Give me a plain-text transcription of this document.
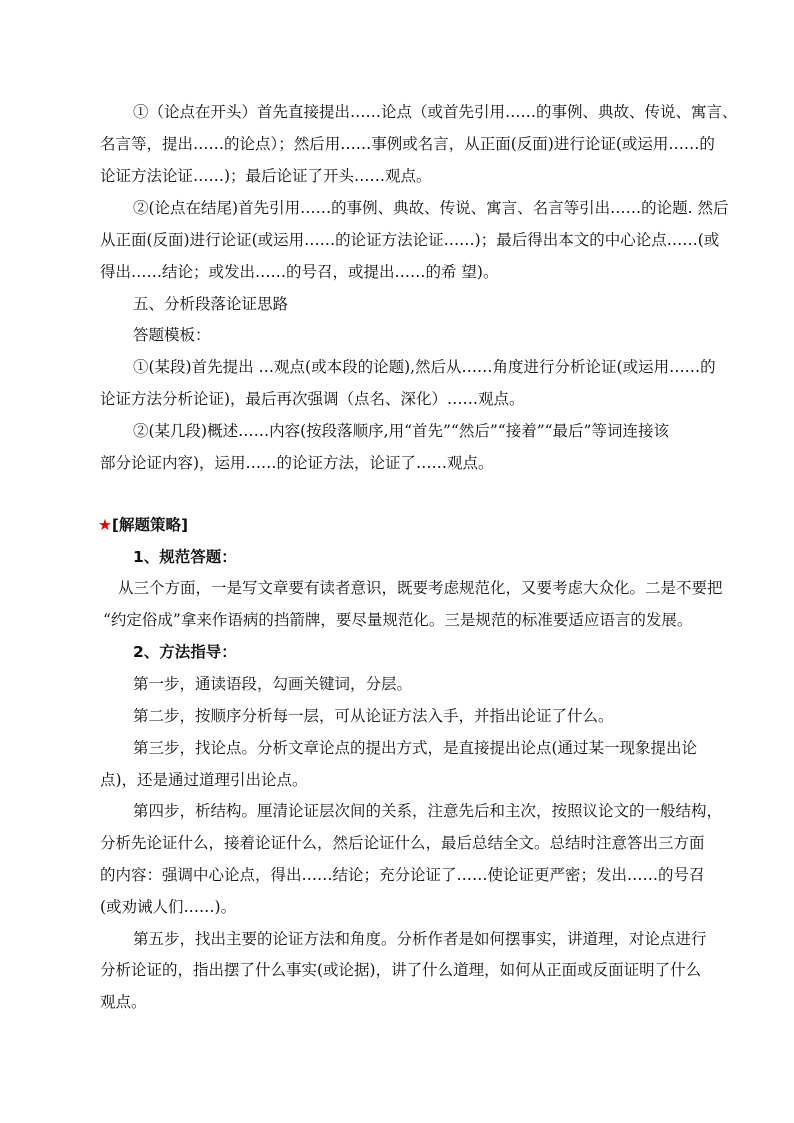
①（论点在开头）首先直接提出……论点（或首先引用……的事例、典故、传说、寓言、
名言等，提出……的论点）；然后用……事例或名言，从正面(反面)进行论证(或运用……的
论证方法论证……)；最后论证了开头……观点。
②(论点在结尾)首先引用……的事例、典故、传说、寓言、名言等引出……的论题. 然后
从正面(反面)进行论证(或运用……的论证方法论证……)；最后得出本文的中心论点……(或
得出……结论；或发出……的号召，或提出……的希 望)。
五、分析段落论证思路
答题模板：
①(某段)首先提出 …观点(或本段的论题),然后从……角度进行分析论证(或运用……的
论证方法分析论证)，最后再次强调（点名、深化）……观点。
②(某几段)概述……内容(按段落顺序,用“首先”“然后”“接着”“最后”等词连接该
部分论证内容)，运用……的论证方法，论证了……观点。
★[解题策略]
1、规范答题：
从三个方面，一是写文章要有读者意识，既要考虑规范化，又要考虑大众化。二是不要把
“约定俗成”拿来作语病的挡箭牌，要尽量规范化。三是规范的标准要适应语言的发展。
2、方法指导：
第一步，通读语段，勾画关键词，分层。
第二步，按顺序分析每一层，可从论证方法入手，并指出论证了什么。
第三步，找论点。分析文章论点的提出方式，是直接提出论点(通过某一现象提出论
点)，还是通过道理引出论点。
第四步，析结构。厘清论证层次间的关系，注意先后和主次，按照议论文的一般结构，
分析先论证什么，接着论证什么，然后论证什么，最后总结全文。总结时注意答出三方面
的内容：强调中心论点，得出……结论；充分论证了……使论证更严密；发出……的号召
(或劝诫人们……)。
第五步，找出主要的论证方法和角度。分析作者是如何摆事实，讲道理，对论点进行
分析论证的，指出摆了什么事实(或论据)，讲了什么道理，如何从正面或反面证明了什么
观点。
